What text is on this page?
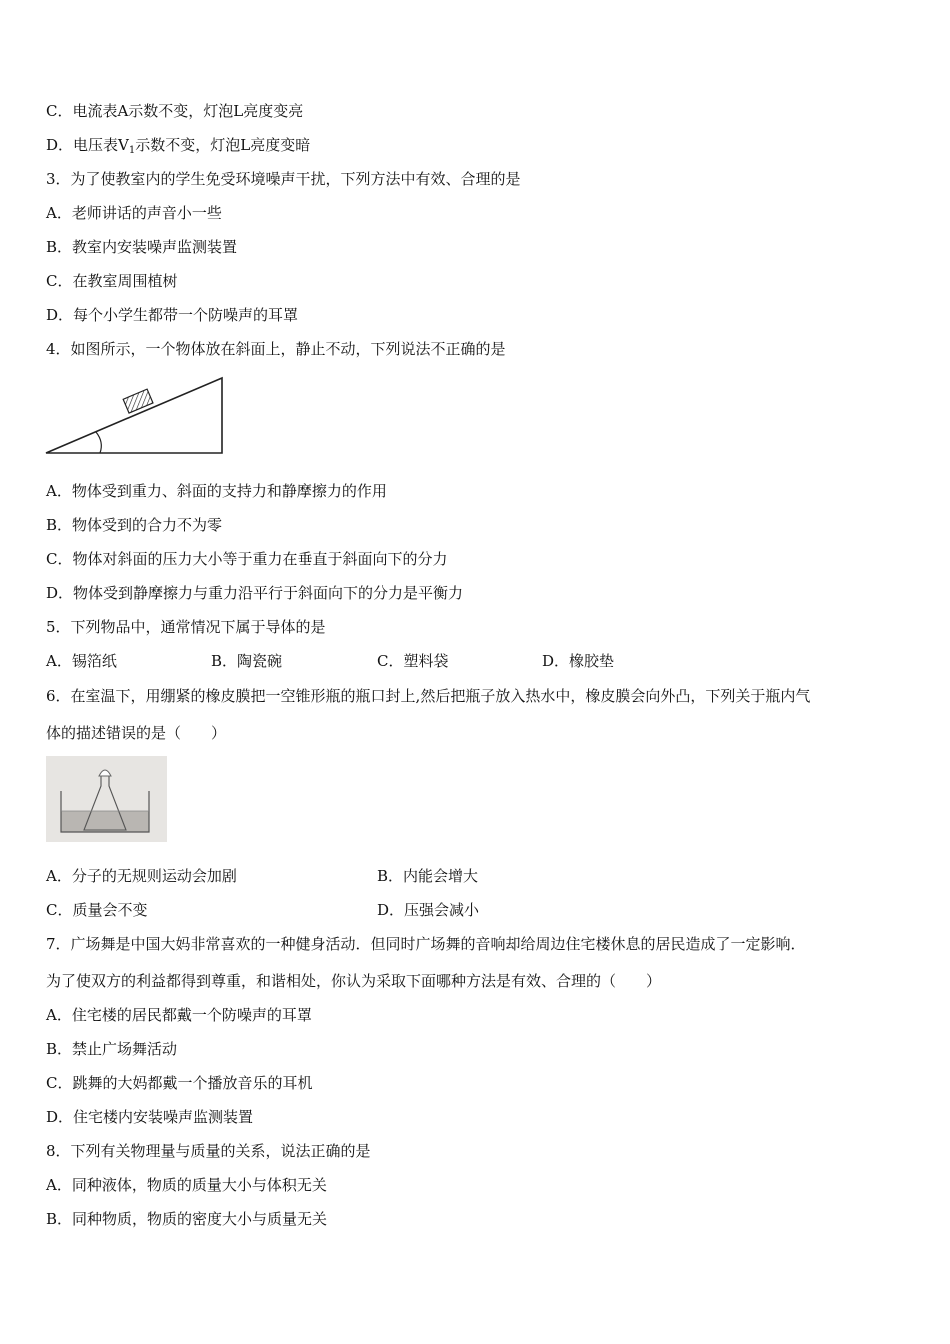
C．电流表A示数不变，灯泡L亮度变亮
D．电压表$V_1$示数不变，灯泡L亮度变暗
3．为了使教室内的学生免受环境噪声干扰，下列方法中有效、合理的是
A．老师讲话的声音小一些
B．教室内安装噪声监测装置
C．在教室周围植树
D．每个小学生都带一个防噪声的耳罩
4．如图所示，一个物体放在斜面上，静止不动，下列说法不正确的是
A．物体受到重力、斜面的支持力和静摩擦力的作用
B．物体受到的合力不为零
C．物体对斜面的压力大小等于重力在垂直于斜面向下的分力
D．物体受到静摩擦力与重力沿平行于斜面向下的分力是平衡力
5．下列物品中，通常情况下属于导体的是
A．锡箔纸	B．陶瓷碗	C．塑料袋	D．橡胶垫
6．在室温下，用绷紧的橡皮膜把一空锥形瓶的瓶口封上,然后把瓶子放入热水中，橡皮膜会向外凸，下列关于瓶内气
体的描述错误的是（　　）
A．分子的无规则运动会加剧	B．内能会增大
C．质量会不变	D．压强会减小
7．广场舞是中国大妈非常喜欢的一种健身活动．但同时广场舞的音响却给周边住宅楼休息的居民造成了一定影响．
为了使双方的利益都得到尊重，和谐相处，你认为采取下面哪种方法是有效、合理的（　　）
A．住宅楼的居民都戴一个防噪声的耳罩
B．禁止广场舞活动
C．跳舞的大妈都戴一个播放音乐的耳机
D．住宅楼内安装噪声监测装置
8．下列有关物理量与质量的关系，说法正确的是
A．同种液体，物质的质量大小与体积无关
B．同种物质，物质的密度大小与质量无关
